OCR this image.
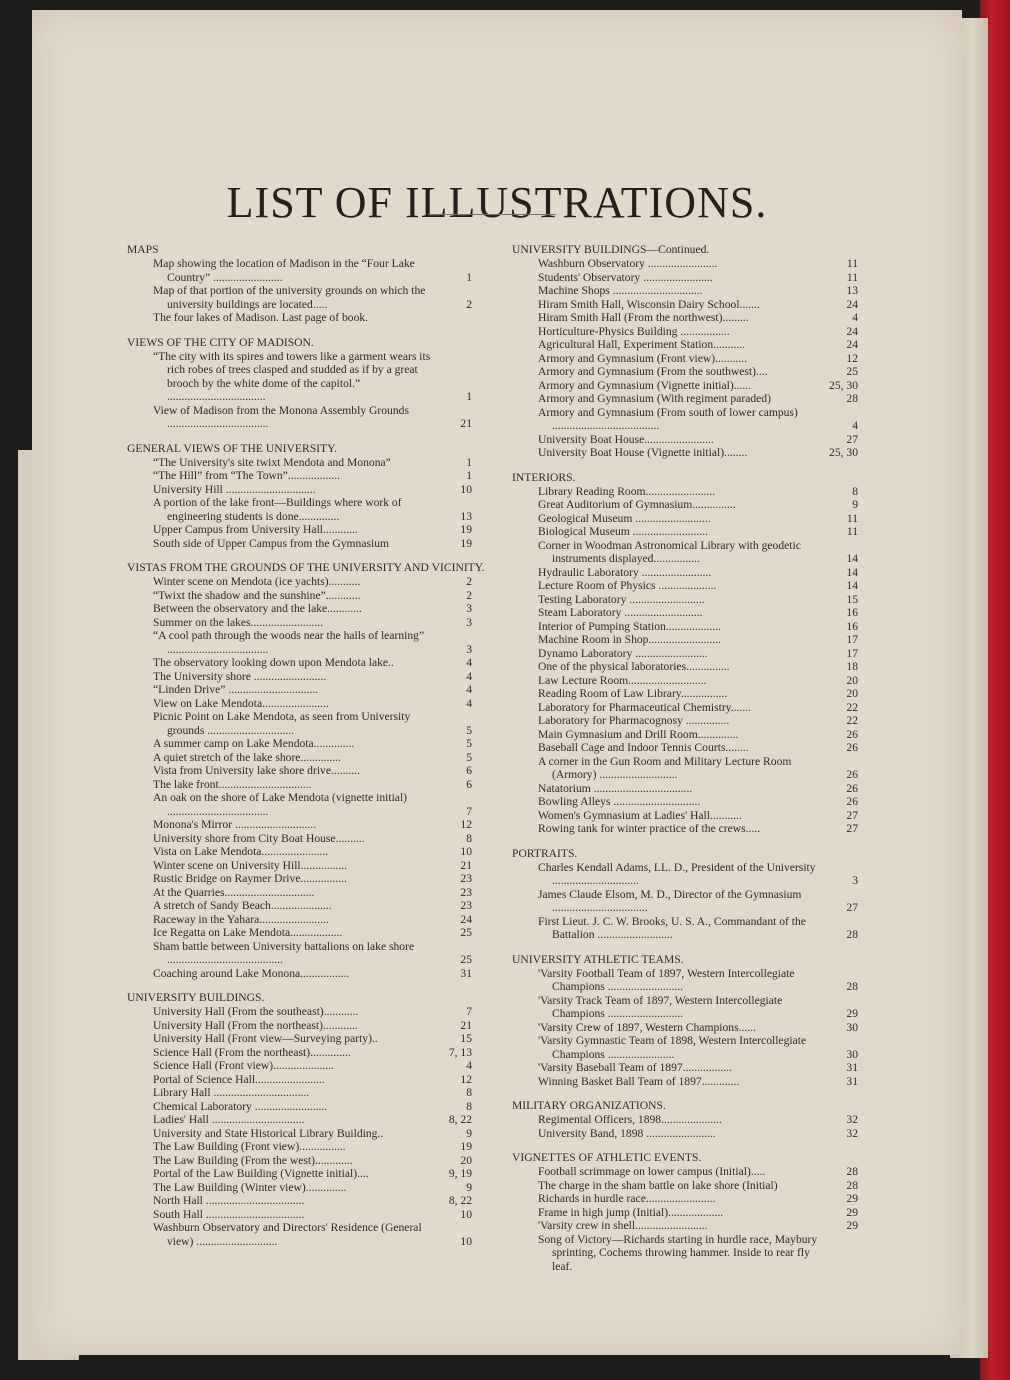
LIST OF ILLUSTRATIONS.
MAPS
Map showing the location of Madison in the “Four Lake Country” ........................	1
Map of that portion of the university grounds on which the university buildings are located.....	2
The four lakes of Madison. Last page of book.
VIEWS OF THE CITY OF MADISON.
“The city with its spires and towers like a garment wears its rich robes of trees clasped and studded as if by a great brooch by the white dome of the capitol.” ..................................	1
View of Madison from the Monona Assembly Grounds ...................................	21
GENERAL VIEWS OF THE UNIVERSITY.
“The University's site twixt Mendota and Monona”	1
“The Hill” from “The Town”..................	1
University Hill ...............................	10
A portion of the lake front—Buildings where work of engineering students is done..............	13
Upper Campus from University Hall............	19
South side of Upper Campus from the Gymnasium	19
VISTAS FROM THE GROUNDS OF THE UNIVERSITY AND VICINITY.
Winter scene on Mendota (ice yachts)...........	2
“Twixt the shadow and the sunshine”............	2
Between the observatory and the lake............	3
Summer on the lakes.........................	3
“A cool path through the woods near the halls of learning” ...................................	3
The observatory looking down upon Mendota lake..	4
The University shore .........................	4
“Linden Drive” ...............................	4
View on Lake Mendota.......................	4
Picnic Point on Lake Mendota, as seen from University grounds ..............................	5
A summer camp on Lake Mendota..............	5
A quiet stretch of the lake shore..............	5
Vista from University lake shore drive..........	6
The lake front................................	6
An oak on the shore of Lake Mendota (vignette initial) ...................................	7
Monona's Mirror ............................	12
University shore from City Boat House..........	8
Vista on Lake Mendota.......................	10
Winter scene on University Hill................	21
Rustic Bridge on Raymer Drive................	23
At the Quarries...............................	23
A stretch of Sandy Beach.....................	23
Raceway in the Yahara........................	24
Ice Regatta on Lake Mendota..................	25
Sham battle between University battalions on lake shore ........................................	25
Coaching around Lake Monona.................	31
UNIVERSITY BUILDINGS.
University Hall (From the southeast)............	7
University Hall (From the northeast)............	21
University Hall (Front view—Surveying party)..	15
Science Hall (From the northeast)..............	7, 13
Science Hall (Front view).....................	4
Portal of Science Hall........................	12
Library Hall .................................	8
Chemical Laboratory .........................	8
Ladies' Hall ................................	8, 22
University and State Historical Library Building..	9
The Law Building (Front view)................	19
The Law Building (From the west).............	20
Portal of the Law Building (Vignette initial)....	9, 19
The Law Building (Winter view)..............	9
North Hall ..................................	8, 22
South Hall ..................................	10
Washburn Observatory and Directors' Residence (General view) ............................	10
UNIVERSITY BUILDINGS—Continued.
Washburn Observatory ........................	11
Students' Observatory ........................	11
Machine Shops ...............................	13
Hiram Smith Hall, Wisconsin Dairy School.......	24
Hiram Smith Hall (From the northwest).........	4
Horticulture-Physics Building .................	24
Agricultural Hall, Experiment Station...........	24
Armory and Gymnasium (Front view)...........	12
Armory and Gymnasium (From the southwest)....	25
Armory and Gymnasium (Vignette initial)......	25, 30
Armory and Gymnasium (With regiment paraded)	28
Armory and Gymnasium (From south of lower campus) .....................................	4
University Boat House........................	27
University Boat House (Vignette initial)........	25, 30
INTERIORS.
Library Reading Room........................	8
Great Auditorium of Gymnasium...............	9
Geological Museum ..........................	11
Biological Museum ..........................	11
Corner in Woodman Astronomical Library with geodetic instruments displayed................	14
Hydraulic Laboratory ........................	14
Lecture Room of Physics ....................	14
Testing Laboratory ..........................	15
Steam Laboratory ...........................	16
Interior of Pumping Station...................	16
Machine Room in Shop.........................	17
Dynamo Laboratory .........................	17
One of the physical laboratories...............	18
Law Lecture Room...........................	20
Reading Room of Law Library................	20
Laboratory for Pharmaceutical Chemistry.......	22
Laboratory for Pharmacognosy ...............	22
Main Gymnasium and Drill Room..............	26
Baseball Cage and Indoor Tennis Courts........	26
A corner in the Gun Room and Military Lecture Room (Armory) ...........................	26
Natatorium ..................................	26
Bowling Alleys ..............................	26
Women's Gymnasium at Ladies' Hall...........	27
Rowing tank for winter practice of the crews.....	27
PORTRAITS.
Charles Kendall Adams, LL. D., President of the University ..............................	3
James Claude Elsom, M. D., Director of the Gymnasium .................................	27
First Lieut. J. C. W. Brooks, U. S. A., Commandant of the Battalion ..........................	28
UNIVERSITY ATHLETIC TEAMS.
'Varsity Football Team of 1897, Western Intercollegiate Champions ..........................	28
'Varsity Track Team of 1897, Western Intercollegiate Champions ..........................	29
'Varsity Crew of 1897, Western Champions......	30
'Varsity Gymnastic Team of 1898, Western Intercollegiate Champions .......................	30
'Varsity Baseball Team of 1897.................	31
Winning Basket Ball Team of 1897.............	31
MILITARY ORGANIZATIONS.
Regimental Officers, 1898.....................	32
University Band, 1898 ........................	32
VIGNETTES OF ATHLETIC EVENTS.
Football scrimmage on lower campus (Initial).....	28
The charge in the sham battle on lake shore (Initial)	28
Richards in hurdle race........................	29
Frame in high jump (Initial)...................	29
'Varsity crew in shell.........................	29
Song of Victory—Richards starting in hurdle race, Maybury sprinting, Cochems throwing hammer. Inside to rear fly leaf.
